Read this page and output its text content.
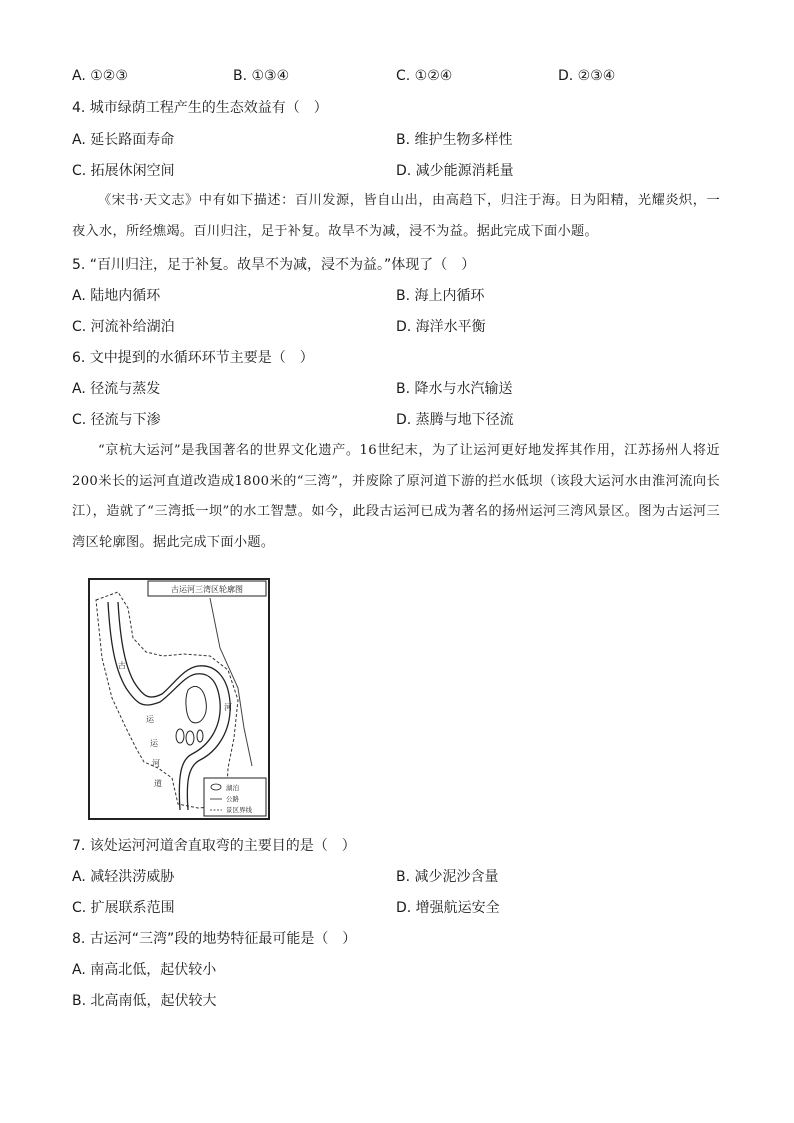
A. ①②③	B. ①③④	C. ①②④	D. ②③④
4. 城市绿荫工程产生的生态效益有（　）
A. 延长路面寿命	B. 维护生物多样性
C. 拓展休闲空间	D. 减少能源消耗量
《宋书·天文志》中有如下描述：百川发源，皆自山出，由高趋下，归注于海。日为阳精，光耀炎炽，一夜入水，所经燋竭。百川归注，足于补复。故旱不为减，浸不为益。据此完成下面小题。
5. “百川归注，足于补复。故旱不为减，浸不为益。”体现了（　）
A. 陆地内循环	B. 海上内循环
C. 河流补给湖泊	D. 海洋水平衡
6. 文中提到的水循环环节主要是（　）
A. 径流与蒸发	B. 降水与水汽输送
C. 径流与下渗	D. 蒸腾与地下径流
“京杭大运河”是我国著名的世界文化遗产。16世纪末，为了让运河更好地发挥其作用，江苏扬州人将近200米长的运河直道改造成1800米的“三湾”，并废除了原河道下游的拦水低坝（该段大运河水由淮河流向长江），造就了“三湾抵一坝”的水工智慧。如今，此段古运河已成为著名的扬州运河三湾风景区。图为古运河三湾区轮廓图。据此完成下面小题。
古运河三湾区轮廓图
古
运
河
运
河
道	湖泊
公路
景区界线
7. 该处运河河道舍直取弯的主要目的是（　）
A. 减轻洪涝威胁	B. 减少泥沙含量
C. 扩展联系范围	D. 增强航运安全
8. 古运河“三湾”段的地势特征最可能是（　）
A. 南高北低，起伏较小
B. 北高南低，起伏较大
